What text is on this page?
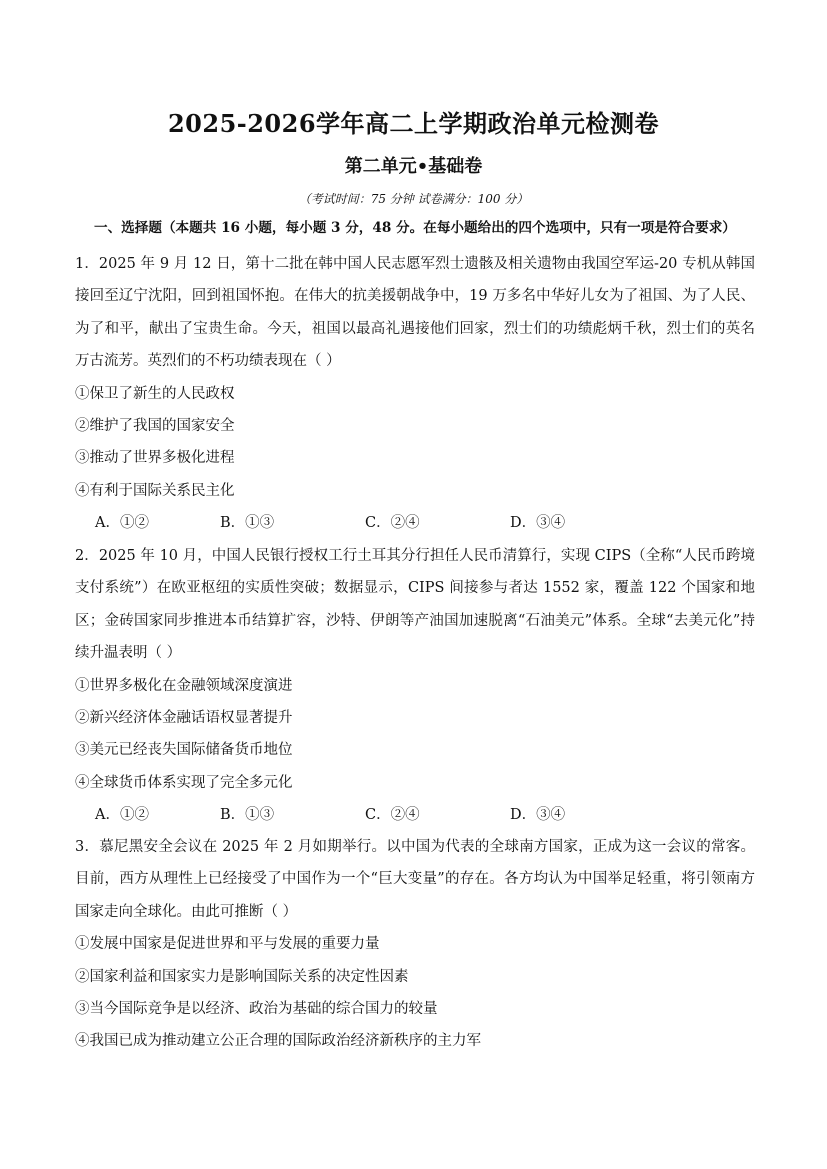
2025-2026学年高二上学期政治单元检测卷
第二单元•基础卷
（考试时间：75 分钟 试卷满分：100 分）
一、选择题（本题共 16 小题，每小题 3 分，48 分。在每小题给出的四个选项中，只有一项是符合要求）

1．2025 年 9 月 12 日，第十二批在韩中国人民志愿军烈士遗骸及相关遗物由我国空军运-20 专机从韩国接回至辽宁沈阳，回到祖国怀抱。在伟大的抗美援朝战争中，19 万多名中华好儿女为了祖国、为了人民、为了和平，献出了宝贵生命。今天，祖国以最高礼遇接他们回家，烈士们的功绩彪炳千秋，烈士们的英名万古流芳。英烈们的不朽功绩表现在（ ）

①保卫了新生的人民政权
②维护了我国的国家安全
③推动了世界多极化进程
④有利于国际关系民主化
A．①②	B．①③	C．②④	D．③④

2．2025 年 10 月，中国人民银行授权工行土耳其分行担任人民币清算行，实现 CIPS（全称“人民币跨境支付系统”）在欧亚枢纽的实质性突破；数据显示，CIPS 间接参与者达 1552 家，覆盖 122 个国家和地区；金砖国家同步推进本币结算扩容，沙特、伊朗等产油国加速脱离“石油美元”体系。全球“去美元化”持续升温表明（ ）

①世界多极化在金融领域深度演进
②新兴经济体金融话语权显著提升
③美元已经丧失国际储备货币地位
④全球货币体系实现了完全多元化
A．①②	B．①③	C．②④	D．③④

3．慕尼黑安全会议在 2025 年 2 月如期举行。以中国为代表的全球南方国家，正成为这一会议的常客。目前，西方从理性上已经接受了中国作为一个“巨大变量”的存在。各方均认为中国举足轻重，将引领南方国家走向全球化。由此可推断（ ）

①发展中国家是促进世界和平与发展的重要力量
②国家利益和国家实力是影响国际关系的决定性因素
③当今国际竞争是以经济、政治为基础的综合国力的较量
④我国已成为推动建立公正合理的国际政治经济新秩序的主力军
